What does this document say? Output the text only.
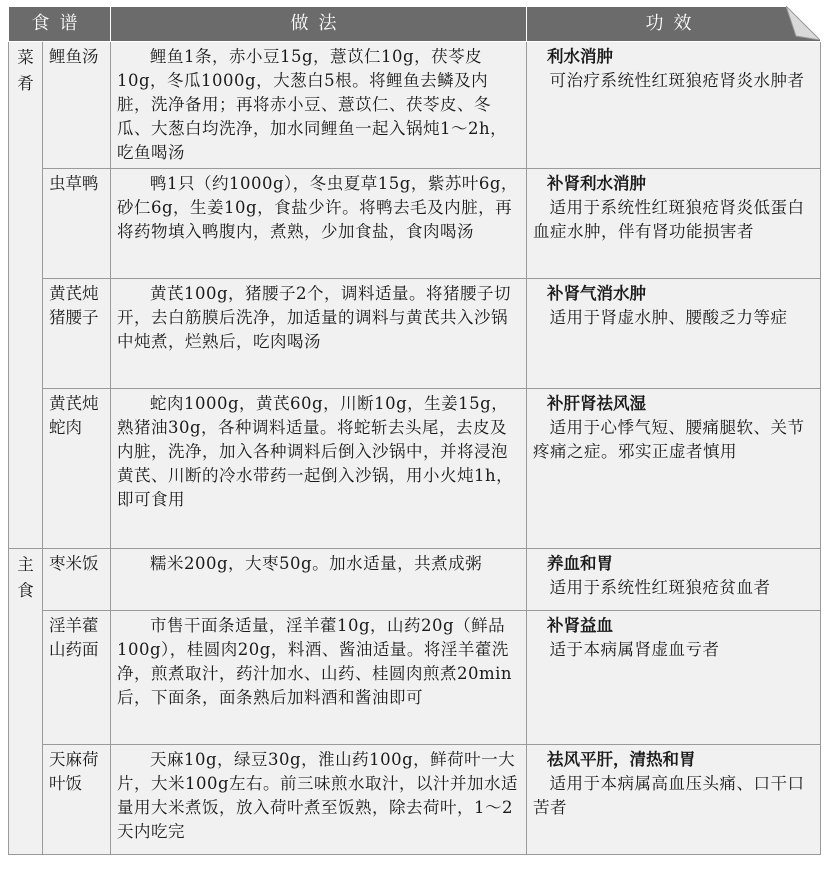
食谱		做法	功效

菜肴	鲤鱼汤	鲤鱼1条，赤小豆15g，薏苡仁10g，茯苓皮10g，冬瓜1000g，大葱白5根。将鲤鱼去鳞及内脏，洗净备用；再将赤小豆、薏苡仁、茯苓皮、冬瓜、大葱白均洗净，加水同鲤鱼一起入锅炖1～2h，吃鱼喝汤	利水消肿
可治疗系统性红斑狼疮肾炎水肿者

	虫草鸭	鸭1只（约1000g），冬虫夏草15g，紫苏叶6g，砂仁6g，生姜10g，食盐少许。将鸭去毛及内脏，再将药物填入鸭腹内，煮熟，少加食盐，食肉喝汤	补肾利水消肿
适用于系统性红斑狼疮肾炎低蛋白血症水肿，伴有肾功能损害者

	黄芪炖猪腰子	黄芪100g，猪腰子2个，调料适量。将猪腰子切开，去白筋膜后洗净，加适量的调料与黄芪共入沙锅中炖煮，烂熟后，吃肉喝汤	补肾气消水肿
适用于肾虚水肿、腰酸乏力等症

	黄芪炖蛇肉	蛇肉1000g，黄芪60g，川断10g，生姜15g，熟猪油30g，各种调料适量。将蛇斩去头尾，去皮及内脏，洗净，加入各种调料后倒入沙锅中，并将浸泡黄芪、川断的冷水带药一起倒入沙锅，用小火炖1h，即可食用	补肝肾祛风湿
适用于心悸气短、腰痛腿软、关节疼痛之症。邪实正虚者慎用

主食	枣米饭	糯米200g，大枣50g。加水适量，共煮成粥	养血和胃
适用于系统性红斑狼疮贫血者

	淫羊藿山药面	市售干面条适量，淫羊藿10g，山药20g（鲜品100g），桂圆肉20g，料酒、酱油适量。将淫羊藿洗净，煎煮取汁，药汁加水、山药、桂圆肉煎煮20min后，下面条，面条熟后加料酒和酱油即可	补肾益血
适于本病属肾虚血亏者

	天麻荷叶饭	天麻10g，绿豆30g，淮山药100g，鲜荷叶一大片，大米100g左右。前三味煎水取汁，以汁并加水适量用大米煮饭，放入荷叶煮至饭熟，除去荷叶，1～2天内吃完	祛风平肝，清热和胃
适用于本病属高血压头痛、口干口苦者
